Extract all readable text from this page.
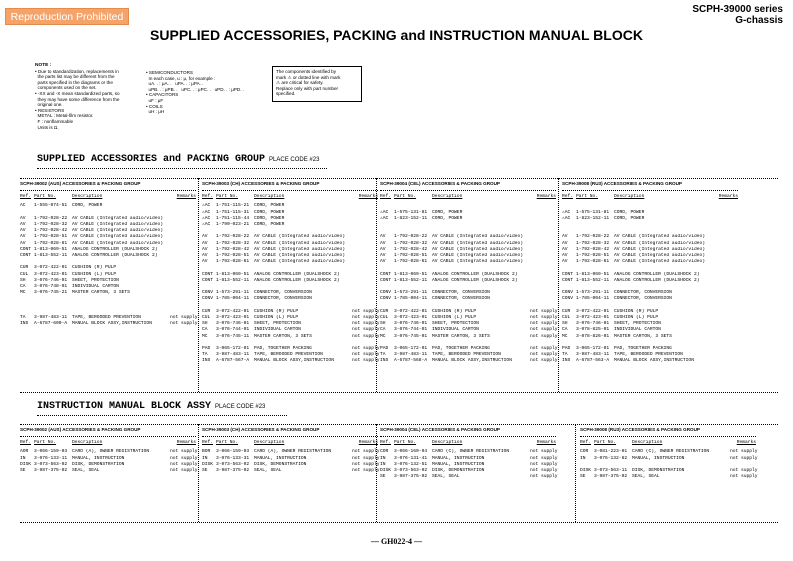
Reproduction Prohibited
SCPH-39000 series
G-chassis
SUPPLIED ACCESSORIES, PACKING and INSTRUCTION MANUAL BLOCK
NOTE :
• Due to standardization, replacements in
the parts list may be different from the
parts specified in the diagrams or the
components used on the set.
• -XX and -X mean standardized parts, so
they may have some difference from the
original one.
• RESISTORS
METAL : Metal-film resistor.
F : nonflammable
Units is Ω.
• SEMICONDUCTORS
In each case, u : μ, for example :
uA. . : μA. .   uPA. . : μPA. .
uPB. . : μPB. .   uPC. . : μPC. .   uPD. . : μPD. .
• CAPACITORS
uF : μF
• COILS
uH : μH
The components identified by
mark ⚠ or dotted line with mark
⚠ are critical for safety.
Replace only with part number
specified.
SUPPLIED ACCESSORIES and PACKING GROUP PLACE CODE #23
INSTRUCTION MANUAL BLOCK ASSY PLACE CODE #23
SCPH-39002 (AUS) ACCESSORIES & PACKING GROUP
Ref. Part No.	Description	Remarks
AC	1-555-074-51	CORD, POWER

AV	1-792-028-22	AV CABLE (Integrated audio/video)

AV	1-792-028-32	AV CABLE (Integrated audio/video)

AV	1-792-028-42	AV CABLE (Integrated audio/video)

AV	1-792-028-51	AV CABLE (Integrated audio/video)

AV	1-792-028-61	AV CABLE (Integrated audio/video)

CONT 1-813-069-51	ANALOG CONTROLLER (DUALSHOCK 2)

CONT 1-813-552-11	ANALOG CONTROLLER (DUALSHOCK 2)

CUR	3-072-422-01	CUSHION (R) PULP

CUL	3-072-423-01	CUSHION (L) PULP

SH	3-076-746-01	SHEET, PROTECTION

CA	3-076-748-01	INDIVIDUAL CARTON

MC	3-076-745-21	MASTER CARTON, 3 SETS

TA	3-987-483-11	TAPE, BEROODED PREVENTION	not supply
INS	A-6787-600-A	MANUAL BLOCK ASSY,INSTRUCTION	not supply
SCPH-39003 (CH) ACCESSORIES & PACKING GROUP
Ref. Part No.	Description	Remarks
⚠AC	1-751-115-21	CORD, POWER

⚠AC	1-751-115-31	CORD, POWER

⚠AC	1-751-115-44	CORD, POWER

⚠AC	1-790-023-21	CORD, POWER

AV	1-792-028-22	AV CABLE (Integrated audio/video)

AV	1-792-028-32	AV CABLE (Integrated audio/video)

AV	1-792-028-42	AV CABLE (Integrated audio/video)

AV	1-792-028-51	AV CABLE (Integrated audio/video)

AV	1-792-028-61	AV CABLE (Integrated audio/video)

CONT 1-813-069-51	ANALOG CONTROLLER (DUALSHOCK 2)

CONT 1-813-552-11	ANALOG CONTROLLER (DUALSHOCK 2)

CONV 1-573-291-11	CONNECTOR, CONVERSION

CONV 1-785-004-11	CONNECTOR, CONVERSION

CUR	3-072-422-01	CUSHION (R) PULP	not supply
CUL	3-072-423-01	CUSHION (L) PULP	not supply
SH	3-076-746-01	SHEET, PROTECTION	not supply
CA	3-076-744-01	INDIVIDUAL CARTON	not supply
MC	3-076-745-11	MASTER CARTON, 3 SETS	not supply

PAD	3-065-172-01	PAD, TOGETHER PACKING	not supply
TA	3-987-483-11	TAPE, BEROODED PREVENTION	not supply
INS	A-6787-567-A	MANUAL BLOCK ASSY,INSTRUCTION	not supply
SCPH-39004 (CEL) ACCESSORIES & PACKING GROUP
Ref. Part No.	Description	Remarks

⚠AC	1-575-131-81	CORD, POWER

⚠AC	1-823-152-11	CORD, POWER

AV	1-792-028-22	AV CABLE (Integrated audio/video)

AV	1-792-028-32	AV CABLE (Integrated audio/video)

AV	1-792-028-42	AV CABLE (Integrated audio/video)

AV	1-792-028-51	AV CABLE (Integrated audio/video)

AV	1-792-028-61	AV CABLE (Integrated audio/video)

CONT 1-813-069-51	ANALOG CONTROLLER (DUALSHOCK 2)

CONT 1-813-552-11	ANALOG CONTROLLER (DUALSHOCK 2)

CONV 1-573-291-11	CONNECTOR, CONVERSION

CONV 1-785-004-11	CONNECTOR, CONVERSION

CUR	3-072-422-01	CUSHION (R) PULP	not supply
CUL	3-072-423-01	CUSHION (L) PULP	not supply
SH	3-076-746-01	SHEET, PROTECTION	not supply
CA	3-076-744-01	INDIVIDUAL CARTON	not supply
MC	3-076-745-01	MASTER CARTON, 3 SETS	not supply

PAD	3-065-172-01	PAD, TOGETHER PACKING	not supply
TA	3-987-483-11	TAPE, BEROODED PREVENTION	not supply
INS	A-6787-568-A	MANUAL BLOCK ASSY,INSTRUCTION	not supply
SCPH-39008 (RU3) ACCESSORIES & PACKING GROUP
Ref. Part No.	Description	Remarks

⚠AC	1-575-131-81	CORD, POWER

⚠AC	1-823-152-11	CORD, POWER

AV	1-792-028-22	AV CABLE (Integrated audio/video)

AV	1-792-028-32	AV CABLE (Integrated audio/video)

AV	1-792-028-42	AV CABLE (Integrated audio/video)

AV	1-792-028-51	AV CABLE (Integrated audio/video)

AV	1-792-028-61	AV CABLE (Integrated audio/video)

CONT 1-813-069-51	ANALOG CONTROLLER (DUALSHOCK 2)

CONT 1-813-552-11	ANALOG CONTROLLER (DUALSHOCK 2)

CONV 1-573-291-11	CONNECTOR, CONVERSION

CONV 1-785-004-11	CONNECTOR, CONVERSION

CUR	3-072-422-01	CUSHION (R) PULP

CUL	3-072-423-01	CUSHION (L) PULP

SH	3-076-746-01	SHEET, PROTECTION

CA	3-078-825-01	INDIVIDUAL CARTON

MC	3-078-826-01	MASTER CARTON, 3 SETS

PAD	3-065-172-01	PAD, TOGETHER PACKING

TA	3-987-483-11	TAPE, BEROODED PREVENTION

INS	A-6787-563-A	MANUAL BLOCK ASSY,INSTRUCTION

SCPH-39002 (AUS) ACCESSORIES & PACKING GROUP
Ref. Part No.	Description	Remarks
AOR	3-066-159-03	CARD (A), OWNER REGISTRATION	not supply
IN	3-076-133-11	MANUAL, INSTRUCTION	not supply
DISK 3-073-563-02	DISK, DEMONSTRATION	not supply
SE	3-987-375-02	SEAL, SEAL	not supply
SCPH-39003 (CH) ACCESSORIES & PACKING GROUP
Ref. Part No.	Description	Remarks
BOR	3-066-159-03	CARD (A), OWNER REGISTRATION	not supply
IN	3-076-133-31	MANUAL, INSTRUCTION	not supply
DISK 3-073-563-02	DISK, DEMONSTRATION	not supply
SE	3-987-375-02	SEAL, SEAL	not supply
SCPH-39004 (CEL) ACCESSORIES & PACKING GROUP
Ref. Part No.	Description	Remarks
COR	3-066-160-04	CARD (C), OWNER REGISTRATION	not supply
IN	3-076-131-41	MANUAL, INSTRUCTION	not supply
IN	3-076-132-51	MANUAL, INSTRUCTION	not supply
DISK 3-073-563-02	DISK, DEMONSTRATION	not supply
SE	3-987-375-02	SEAL, SEAL	not supply
SCPH-39008 (RU3) ACCESSORIES & PACKING GROUP
Ref. Part No.	Description	Remarks
COR	3-081-223-01	CARD (C), OWNER REGISTRATION	not supply
IN	3-076-132-62	MANUAL, INSTRUCTION	not supply

DISK 3-073-563-11	DISK, DEMONSTRATION	not supply
SE	3-987-375-02	SEAL, SEAL	not supply
— GH022-4 —
